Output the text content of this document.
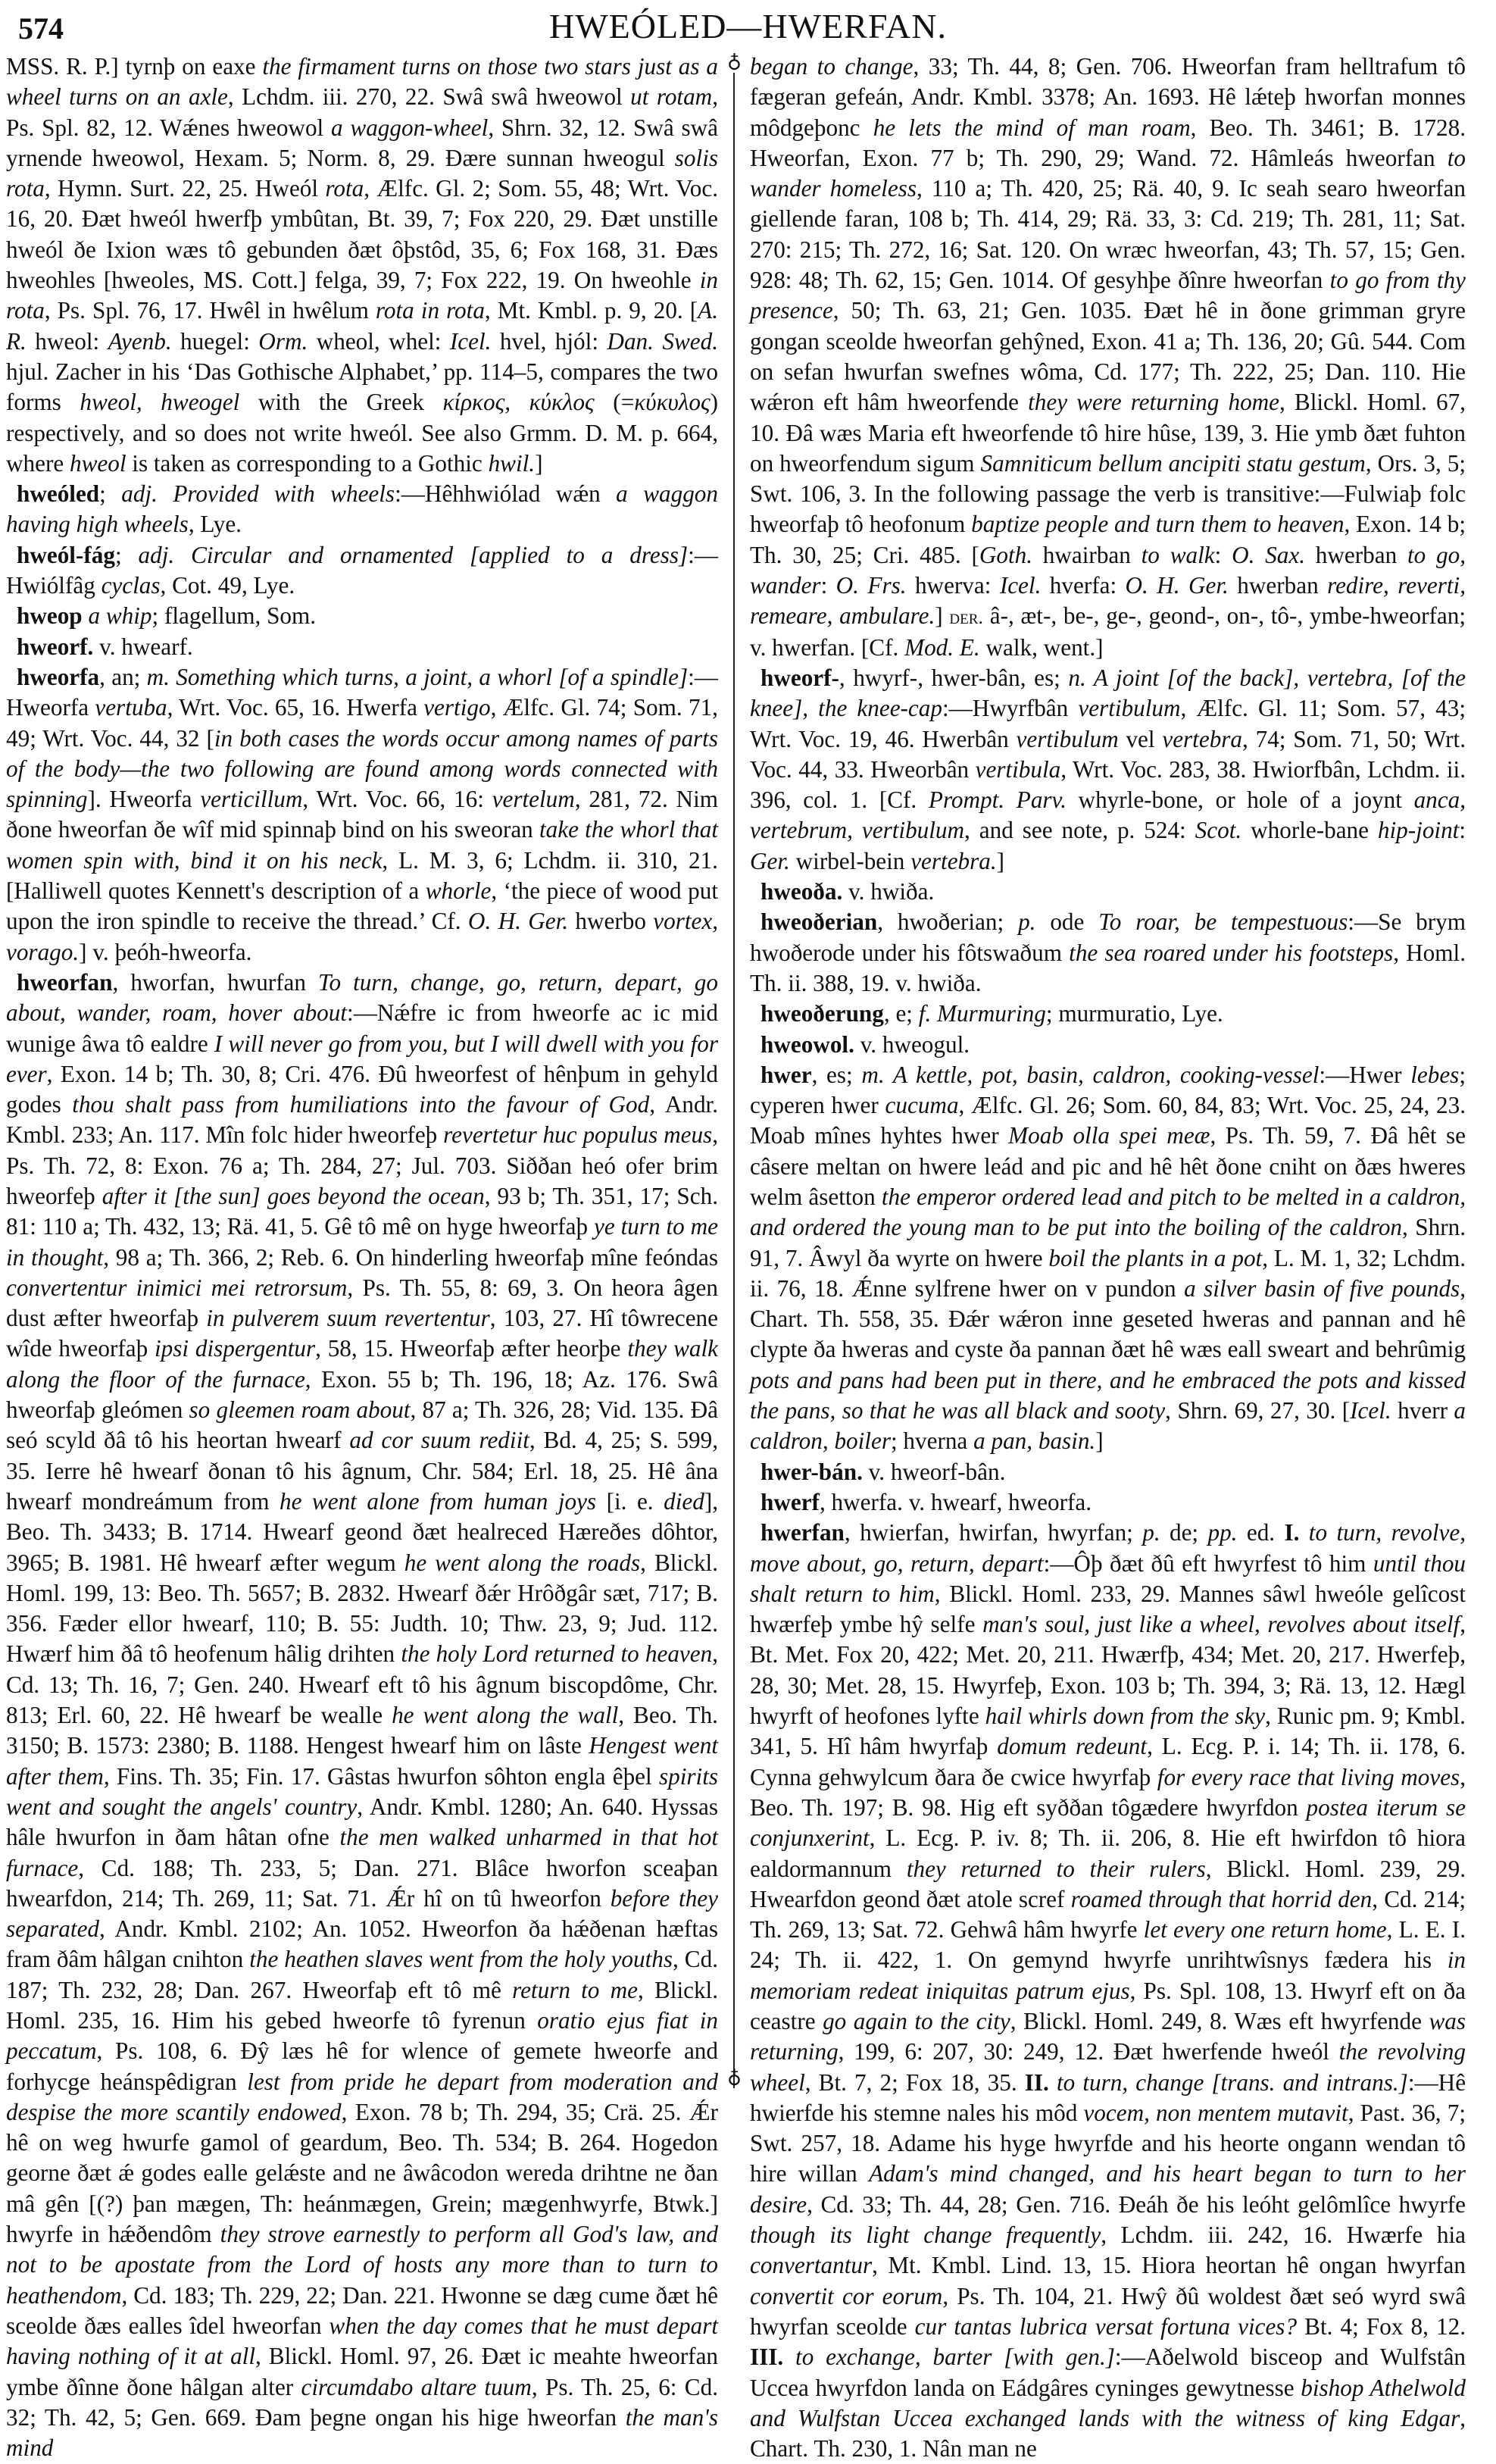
574	HWEÓLED—HWERFAN.
♁
♁

MSS. R. P.] tyrnþ on eaxe the firmament turns on those two stars just as a wheel turns on an axle, Lchdm. iii. 270, 22. Swâ swâ hweowol ut rotam, Ps. Spl. 82, 12. Wǽnes hweowol a waggon-wheel, Shrn. 32, 12. Swâ swâ yrnende hweowol, Hexam. 5; Norm. 8, 29. Ðære sunnan hweogul solis rota, Hymn. Surt. 22, 25. Hweól rota, Ælfc. Gl. 2; Som. 55, 48; Wrt. Voc. 16, 20. Ðæt hweól hwerfþ ymbûtan, Bt. 39, 7; Fox 220, 29. Ðæt unstille hweól ðe Ixion wæs tô gebunden ðæt ôþstôd, 35, 6; Fox 168, 31. Ðæs hweohles [hweoles, MS. Cott.] felga, 39, 7; Fox 222, 19. On hweohle in rota, Ps. Spl. 76, 17. Hwêl in hwêlum rota in rota, Mt. Kmbl. p. 9, 20. [A. R. hweol: Ayenb. huegel: Orm. wheol, whel: Icel. hvel, hjól: Dan. Swed. hjul. Zacher in his ‘Das Gothische Alphabet,’ pp. 114–5, compares the two forms hweol, hweogel with the Greek κίρκος, κύκλος (=κύκυλος) respectively, and so does not write hweól. See also Grmm. D. M. p. 664, where hweol is taken as corresponding to a Gothic hwil.]

hweóled; adj. Provided with wheels:—Hêhhwiólad wǽn a waggon having high wheels, Lye.

hweól-fág; adj. Circular and ornamented [applied to a dress]:—Hwiólfâg cyclas, Cot. 49, Lye.

hweop a whip; flagellum, Som.

hweorf. v. hwearf.

hweorfa, an; m. Something which turns, a joint, a whorl [of a spindle]:—Hweorfa vertuba, Wrt. Voc. 65, 16. Hwerfa vertigo, Ælfc. Gl. 74; Som. 71, 49; Wrt. Voc. 44, 32 [in both cases the words occur among names of parts of the body—the two following are found among words connected with spinning]. Hweorfa verticillum, Wrt. Voc. 66, 16: vertelum, 281, 72. Nim ðone hweorfan ðe wîf mid spinnaþ bind on his sweoran take the whorl that women spin with, bind it on his neck, L. M. 3, 6; Lchdm. ii. 310, 21. [Halliwell quotes Kennett's description of a whorle, ‘the piece of wood put upon the iron spindle to receive the thread.’ Cf. O. H. Ger. hwerbo vortex, vorago.] v. þeóh-hweorfa.

hweorfan, hworfan, hwurfan To turn, change, go, return, depart, go about, wander, roam, hover about:—Nǽfre ic from hweorfe ac ic mid wunige âwa tô ealdre I will never go from you, but I will dwell with you for ever, Exon. 14 b; Th. 30, 8; Cri. 476. Ðû hweorfest of hênþum in gehyld godes thou shalt pass from humiliations into the favour of God, Andr. Kmbl. 233; An. 117. Mîn folc hider hweorfeþ revertetur huc populus meus, Ps. Th. 72, 8: Exon. 76 a; Th. 284, 27; Jul. 703. Siððan heó ofer brim hweorfeþ after it [the sun] goes beyond the ocean, 93 b; Th. 351, 17; Sch. 81: 110 a; Th. 432, 13; Rä. 41, 5. Gê tô mê on hyge hweorfaþ ye turn to me in thought, 98 a; Th. 366, 2; Reb. 6. On hinderling hweorfaþ mîne feóndas convertentur inimici mei retrorsum, Ps. Th. 55, 8: 69, 3. On heora âgen dust æfter hweorfaþ in pulverem suum revertentur, 103, 27. Hî tôwrecene wîde hweorfaþ ipsi dispergentur, 58, 15. Hweorfaþ æfter heorþe they walk along the floor of the furnace, Exon. 55 b; Th. 196, 18; Az. 176. Swâ hweorfaþ gleómen so gleemen roam about, 87 a; Th. 326, 28; Vid. 135. Ðâ seó scyld ðâ tô his heortan hwearf ad cor suum rediit, Bd. 4, 25; S. 599, 35. Ierre hê hwearf ðonan tô his âgnum, Chr. 584; Erl. 18, 25. Hê âna hwearf mondreámum from he went alone from human joys [i. e. died], Beo. Th. 3433; B. 1714. Hwearf geond ðæt healreced Hæreðes dôhtor, 3965; B. 1981. Hê hwearf æfter wegum he went along the roads, Blickl. Homl. 199, 13: Beo. Th. 5657; B. 2832. Hwearf ðǽr Hrôðgâr sæt, 717; B. 356. Fæder ellor hwearf, 110; B. 55: Judth. 10; Thw. 23, 9; Jud. 112. Hwærf him ðâ tô heofenum hâlig drihten the holy Lord returned to heaven, Cd. 13; Th. 16, 7; Gen. 240. Hwearf eft tô his âgnum biscopdôme, Chr. 813; Erl. 60, 22. Hê hwearf be wealle he went along the wall, Beo. Th. 3150; B. 1573: 2380; B. 1188. Hengest hwearf him on lâste Hengest went after them, Fins. Th. 35; Fin. 17. Gâstas hwurfon sôhton engla êþel spirits went and sought the angels' country, Andr. Kmbl. 1280; An. 640. Hyssas hâle hwurfon in ðam hâtan ofne the men walked unharmed in that hot furnace, Cd. 188; Th. 233, 5; Dan. 271. Blâce hworfon sceaþan hwearfdon, 214; Th. 269, 11; Sat. 71. Ǽr hî on tû hweorfon before they separated, Andr. Kmbl. 2102; An. 1052. Hweorfon ða hǽðenan hæftas fram ðâm hâlgan cnihton the heathen slaves went from the holy youths, Cd. 187; Th. 232, 28; Dan. 267. Hweorfaþ eft tô mê return to me, Blickl. Homl. 235, 16. Him his gebed hweorfe tô fyrenun oratio ejus fiat in peccatum, Ps. 108, 6. Ðŷ læs hê for wlence of gemete hweorfe and forhycge heánspêdigran lest from pride he depart from moderation and despise the more scantily endowed, Exon. 78 b; Th. 294, 35; Crä. 25. Ǽr hê on weg hwurfe gamol of geardum, Beo. Th. 534; B. 264. Hogedon georne ðæt ǽ godes ealle gelǽste and ne âwâcodon wereda drihtne ne ðan mâ gên [(?) þan mægen, Th: heánmægen, Grein; mægenhwyrfe, Btwk.] hwyrfe in hǽðendôm they strove earnestly to perform all God's law, and not to be apostate from the Lord of hosts any more than to turn to heathendom, Cd. 183; Th. 229, 22; Dan. 221. Hwonne se dæg cume ðæt hê sceolde ðæs ealles îdel hweorfan when the day comes that he must depart having nothing of it at all, Blickl. Homl. 97, 26. Ðæt ic meahte hweorfan ymbe ðînne ðone hâlgan alter circumdabo altare tuum, Ps. Th. 25, 6: Cd. 32; Th. 42, 5; Gen. 669. Ðam þegne ongan his hige hweorfan the man's mind

began to change, 33; Th. 44, 8; Gen. 706. Hweorfan fram helltrafum tô fægeran gefeán, Andr. Kmbl. 3378; An. 1693. Hê lǽteþ hworfan monnes môdgeþonc he lets the mind of man roam, Beo. Th. 3461; B. 1728. Hweorfan, Exon. 77 b; Th. 290, 29; Wand. 72. Hâmleás hweorfan to wander homeless, 110 a; Th. 420, 25; Rä. 40, 9. Ic seah searo hweorfan giellende faran, 108 b; Th. 414, 29; Rä. 33, 3: Cd. 219; Th. 281, 11; Sat. 270: 215; Th. 272, 16; Sat. 120. On wræc hweorfan, 43; Th. 57, 15; Gen. 928: 48; Th. 62, 15; Gen. 1014. Of gesyhþe ðînre hweorfan to go from thy presence, 50; Th. 63, 21; Gen. 1035. Ðæt hê in ðone grimman gryre gongan sceolde hweorfan gehŷned, Exon. 41 a; Th. 136, 20; Gû. 544. Com on sefan hwurfan swefnes wôma, Cd. 177; Th. 222, 25; Dan. 110. Hie wǽron eft hâm hweorfende they were returning home, Blickl. Homl. 67, 10. Ðâ wæs Maria eft hweorfende tô hire hûse, 139, 3. Hie ymb ðæt fuhton on hweorfendum sigum Samniticum bellum ancipiti statu gestum, Ors. 3, 5; Swt. 106, 3. In the following passage the verb is transitive:—Fulwiaþ folc hweorfaþ tô heofonum baptize people and turn them to heaven, Exon. 14 b; Th. 30, 25; Cri. 485. [Goth. hwairban to walk: O. Sax. hwerban to go, wander: O. Frs. hwerva: Icel. hverfa: O. H. Ger. hwerban redire, reverti, remeare, ambulare.] der. â-, æt-, be-, ge-, geond-, on-, tô-, ymbe-hweorfan; v. hwerfan. [Cf. Mod. E. walk, went.]

hweorf-, hwyrf-, hwer-bân, es; n. A joint [of the back], vertebra, [of the knee], the knee-cap:—Hwyrfbân vertibulum, Ælfc. Gl. 11; Som. 57, 43; Wrt. Voc. 19, 46. Hwerbân vertibulum vel vertebra, 74; Som. 71, 50; Wrt. Voc. 44, 33. Hweorbân vertibula, Wrt. Voc. 283, 38. Hwiorfbân, Lchdm. ii. 396, col. 1. [Cf. Prompt. Parv. whyrle-bone, or hole of a joynt anca, vertebrum, vertibulum, and see note, p. 524: Scot. whorle-bane hip-joint: Ger. wirbel-bein vertebra.]

hweoða. v. hwiða.

hweoðerian, hwoðerian; p. ode To roar, be tempestuous:—Se brym hwoðerode under his fôtswaðum the sea roared under his footsteps, Homl. Th. ii. 388, 19. v. hwiða.

hweoðerung, e; f. Murmuring; murmuratio, Lye.

hweowol. v. hweogul.

hwer, es; m. A kettle, pot, basin, caldron, cooking-vessel:—Hwer lebes; cyperen hwer cucuma, Ælfc. Gl. 26; Som. 60, 84, 83; Wrt. Voc. 25, 24, 23. Moab mînes hyhtes hwer Moab olla spei meæ, Ps. Th. 59, 7. Ðâ hêt se câsere meltan on hwere leád and pic and hê hêt ðone cniht on ðæs hweres welm âsetton the emperor ordered lead and pitch to be melted in a caldron, and ordered the young man to be put into the boiling of the caldron, Shrn. 91, 7. Âwyl ða wyrte on hwere boil the plants in a pot, L. M. 1, 32; Lchdm. ii. 76, 18. Ǽnne sylfrene hwer on v pundon a silver basin of five pounds, Chart. Th. 558, 35. Ðǽr wǽron inne geseted hweras and pannan and hê clypte ða hweras and cyste ða pannan ðæt hê wæs eall sweart and behrûmig pots and pans had been put in there, and he embraced the pots and kissed the pans, so that he was all black and sooty, Shrn. 69, 27, 30. [Icel. hverr a caldron, boiler; hverna a pan, basin.]

hwer-bán. v. hweorf-bân.

hwerf, hwerfa. v. hwearf, hweorfa.

hwerfan, hwierfan, hwirfan, hwyrfan; p. de; pp. ed. I. to turn, revolve, move about, go, return, depart:—Ôþ ðæt ðû eft hwyrfest tô him until thou shalt return to him, Blickl. Homl. 233, 29. Mannes sâwl hweóle gelîcost hwærfeþ ymbe hŷ selfe man's soul, just like a wheel, revolves about itself, Bt. Met. Fox 20, 422; Met. 20, 211. Hwærfþ, 434; Met. 20, 217. Hwerfeþ, 28, 30; Met. 28, 15. Hwyrfeþ, Exon. 103 b; Th. 394, 3; Rä. 13, 12. Hægl hwyrft of heofones lyfte hail whirls down from the sky, Runic pm. 9; Kmbl. 341, 5. Hî hâm hwyrfaþ domum redeunt, L. Ecg. P. i. 14; Th. ii. 178, 6. Cynna gehwylcum ðara ðe cwice hwyrfaþ for every race that living moves, Beo. Th. 197; B. 98. Hig eft syððan tôgædere hwyrfdon postea iterum se conjunxerint, L. Ecg. P. iv. 8; Th. ii. 206, 8. Hie eft hwirfdon tô hiora ealdormannum they returned to their rulers, Blickl. Homl. 239, 29. Hwearfdon geond ðæt atole scref roamed through that horrid den, Cd. 214; Th. 269, 13; Sat. 72. Gehwâ hâm hwyrfe let every one return home, L. E. I. 24; Th. ii. 422, 1. On gemynd hwyrfe unrihtwîsnys fædera his in memoriam redeat iniquitas patrum ejus, Ps. Spl. 108, 13. Hwyrf eft on ða ceastre go again to the city, Blickl. Homl. 249, 8. Wæs eft hwyrfende was returning, 199, 6: 207, 30: 249, 12. Ðæt hwerfende hweól the revolving wheel, Bt. 7, 2; Fox 18, 35. II. to turn, change [trans. and intrans.]:—Hê hwierfde his stemne nales his môd vocem, non mentem mutavit, Past. 36, 7; Swt. 257, 18. Adame his hyge hwyrfde and his heorte ongann wendan tô hire willan Adam's mind changed, and his heart began to turn to her desire, Cd. 33; Th. 44, 28; Gen. 716. Ðeáh ðe his leóht gelômlîce hwyrfe though its light change frequently, Lchdm. iii. 242, 16. Hwærfe hia convertantur, Mt. Kmbl. Lind. 13, 15. Hiora heortan hê ongan hwyrfan convertit cor eorum, Ps. Th. 104, 21. Hwŷ ðû woldest ðæt seó wyrd swâ hwyrfan sceolde cur tantas lubrica versat fortuna vices? Bt. 4; Fox 8, 12. III. to exchange, barter [with gen.]:—Aðelwold bisceop and Wulfstân Uccea hwyrfdon landa on Eádgâres cyninges gewytnesse bishop Athelwold and Wulfstan Uccea exchanged lands with the witness of king Edgar, Chart. Th. 230, 1. Nân man ne
